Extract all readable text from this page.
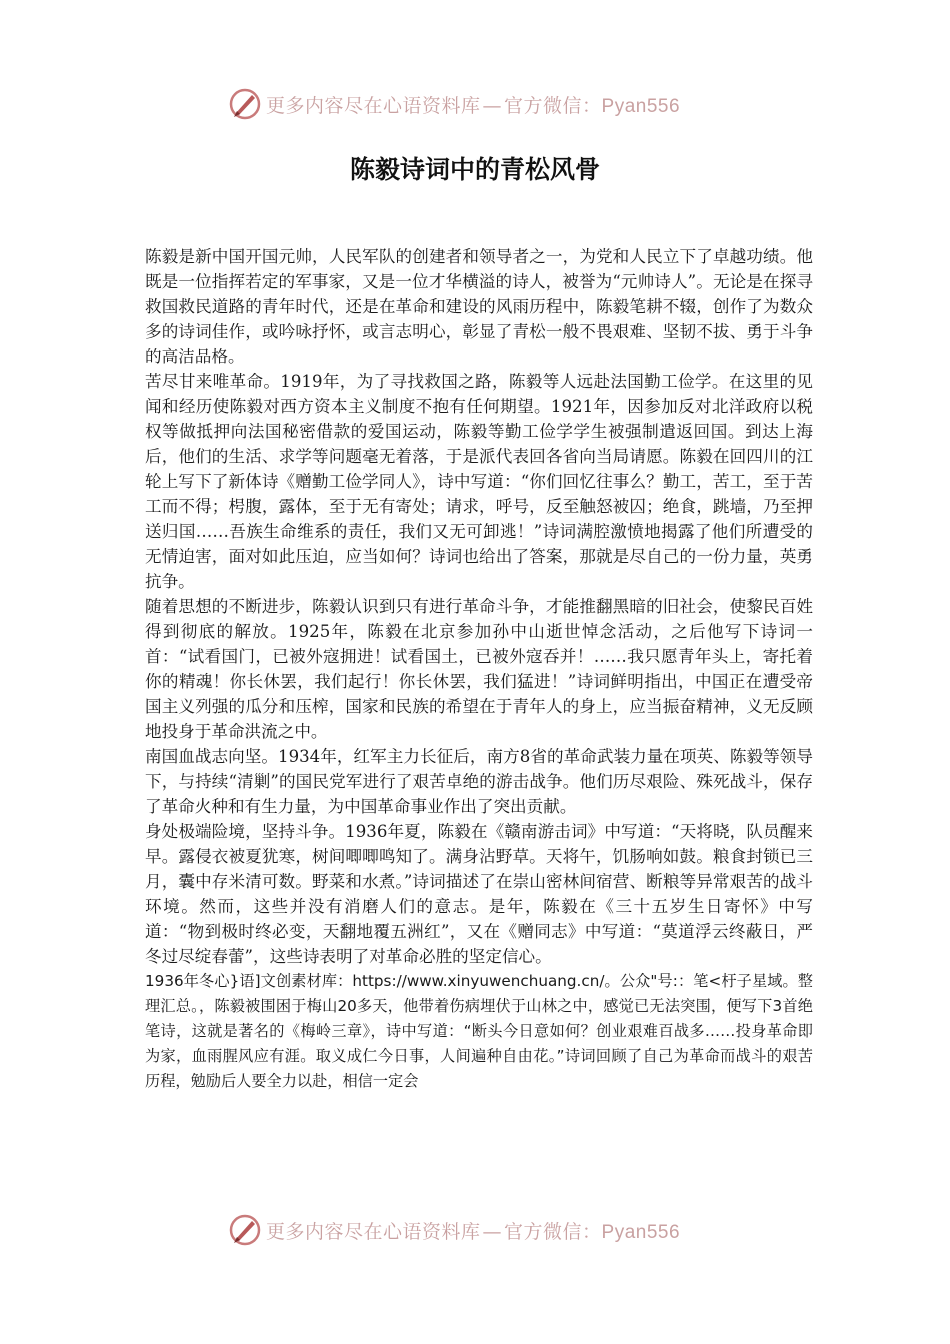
更多内容尽在心语资料库 — 官方微信：Pyan556
陈毅诗词中的青松风骨

陈毅是新中国开国元帅，人民军队的创建者和领导者之一，为党和人民立下了卓越功绩。他既是一位指挥若定的军事家，又是一位才华横溢的诗人，被誉为“元帅诗人”。无论是在探寻救国救民道路的青年时代，还是在革命和建设的风雨历程中，陈毅笔耕不辍，创作了为数众多的诗词佳作，或吟咏抒怀，或言志明心，彰显了青松一般不畏艰难、坚韧不拔、勇于斗争的高洁品格。

苦尽甘来唯革命。1919年，为了寻找救国之路，陈毅等人远赴法国勤工俭学。在这里的见闻和经历使陈毅对西方资本主义制度不抱有任何期望。1921年，因参加反对北洋政府以税权等做抵押向法国秘密借款的爱国运动，陈毅等勤工俭学学生被强制遣返回国。到达上海后，他们的生活、求学等问题毫无着落，于是派代表回各省向当局请愿。陈毅在回四川的江轮上写下了新体诗《赠勤工俭学同人》，诗中写道：“你们回忆往事么？勤工，苦工，至于苦工而不得；枵腹，露体，至于无有寄处；请求，呼号，反至触怒被囚；绝食，跳墙，乃至押送归国……吾族生命维系的责任，我们又无可卸逃！”诗词满腔激愤地揭露了他们所遭受的无情迫害，面对如此压迫，应当如何？诗词也给出了答案，那就是尽自己的一份力量，英勇抗争。

随着思想的不断进步，陈毅认识到只有进行革命斗争，才能推翻黑暗的旧社会，使黎民百姓得到彻底的解放。1925年，陈毅在北京参加孙中山逝世悼念活动，之后他写下诗词一首：“试看国门，已被外寇拥进！试看国土，已被外寇吞并！……我只愿青年头上，寄托着你的精魂！你长休罢，我们起行！你长休罢，我们猛进！”诗词鲜明指出，中国正在遭受帝国主义列强的瓜分和压榨，国家和民族的希望在于青年人的身上，应当振奋精神，义无反顾地投身于革命洪流之中。

南国血战志向坚。1934年，红军主力长征后，南方8省的革命武装力量在项英、陈毅等领导下，与持续“清剿”的国民党军进行了艰苦卓绝的游击战争。他们历尽艰险、殊死战斗，保存了革命火种和有生力量，为中国革命事业作出了突出贡献。

身处极端险境，坚持斗争。1936年夏，陈毅在《赣南游击词》中写道：“天将晓，队员醒来早。露侵衣被夏犹寒，树间唧唧鸣知了。满身沾野草。天将午，饥肠响如鼓。粮食封锁已三月，囊中存米清可数。野菜和水煮。”诗词描述了在崇山密林间宿营、断粮等异常艰苦的战斗环境。然而，这些并没有消磨人们的意志。是年，陈毅在《三十五岁生日寄怀》中写道：“物到极时终必变，天翻地覆五洲红”，又在《赠同志》中写道：“莫道浮云终蔽日，严冬过尽绽春蕾”，这些诗表明了对革命必胜的坚定信心。

1936年冬心}语]文创素材库：https://www.xinyuwenchuang.cn/。公众"号:：笔<杅子星域。整理汇总。，陈毅被围困于梅山20多天，他带着伤病埋伏于山林之中，感觉已无法突围，便写下3首绝笔诗，这就是著名的《梅岭三章》，诗中写道：“断头今日意如何？创业艰难百战多……投身革命即为家，血雨腥风应有涯。取义成仁今日事，人间遍种自由花。”诗词回顾了自己为革命而战斗的艰苦历程，勉励后人要全力以赴，相信一定会

更多内容尽在心语资料库 — 官方微信：Pyan556
